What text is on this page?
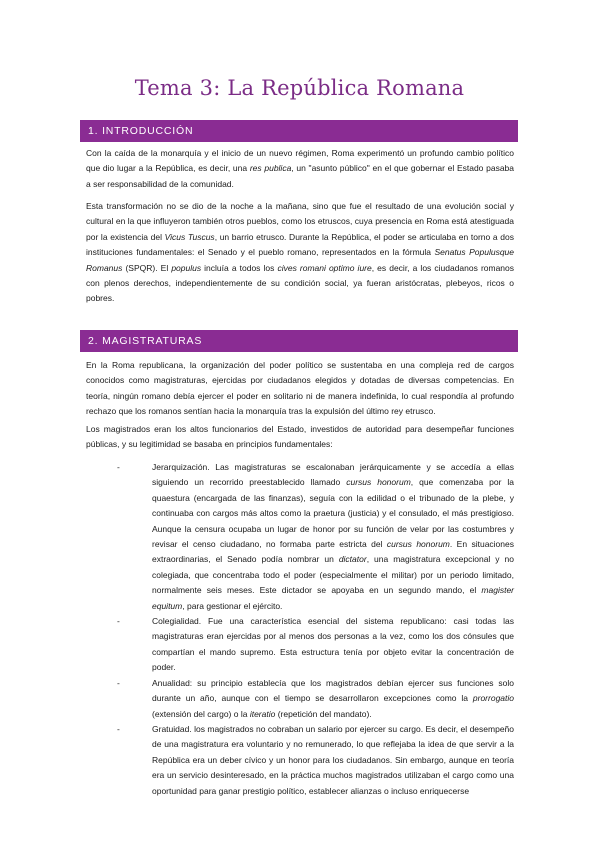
Tema 3: La República Romana
1. INTRODUCCIÓN

Con la caída de la monarquía y el inicio de un nuevo régimen, Roma experimentó un profundo cambio político que dio lugar a la República, es decir, una res publica, un "asunto público" en el que gobernar el Estado pasaba a ser responsabilidad de la comunidad.

Esta transformación no se dio de la noche a la mañana, sino que fue el resultado de una evolución social y cultural en la que influyeron también otros pueblos, como los etruscos, cuya presencia en Roma está atestiguada por la existencia del Vicus Tuscus, un barrio etrusco. Durante la República, el poder se articulaba en torno a dos instituciones fundamentales: el Senado y el pueblo romano, representados en la fórmula Senatus Populusque Romanus (SPQR). El populus incluía a todos los cives romani optimo iure, es decir, a los ciudadanos romanos con plenos derechos, independientemente de su condición social, ya fueran aristócratas, plebeyos, ricos o pobres.

2. MAGISTRATURAS

En la Roma republicana, la organización del poder político se sustentaba en una compleja red de cargos conocidos como magistraturas, ejercidas por ciudadanos elegidos y dotadas de diversas competencias. En teoría, ningún romano debía ejercer el poder en solitario ni de manera indefinida, lo cual respondía al profundo rechazo que los romanos sentían hacia la monarquía tras la expulsión del último rey etrusco.

Los magistrados eran los altos funcionarios del Estado, investidos de autoridad para desempeñar funciones públicas, y su legitimidad se basaba en principios fundamentales:

-	Jerarquización. Las magistraturas se escalonaban jerárquicamente y se accedía a ellas siguiendo un recorrido preestablecido llamado cursus honorum, que comenzaba por la quaestura (encargada de las finanzas), seguía con la edilidad o el tribunado de la plebe, y continuaba con cargos más altos como la praetura (justicia) y el consulado, el más prestigioso. Aunque la censura ocupaba un lugar de honor por su función de velar por las costumbres y revisar el censo ciudadano, no formaba parte estricta del cursus honorum. En situaciones extraordinarias, el Senado podía nombrar un dictator, una magistratura excepcional y no colegiada, que concentraba todo el poder (especialmente el militar) por un periodo limitado, normalmente seis meses. Este dictador se apoyaba en un segundo mando, el magister equitum, para gestionar el ejército.
-	Colegialidad. Fue una característica esencial del sistema republicano: casi todas las magistraturas eran ejercidas por al menos dos personas a la vez, como los dos cónsules que compartían el mando supremo. Esta estructura tenía por objeto evitar la concentración de poder.
-	Anualidad: su principio establecía que los magistrados debían ejercer sus funciones solo durante un año, aunque con el tiempo se desarrollaron excepciones como la prorrogatio (extensión del cargo) o la iteratio (repetición del mandato).
-	Gratuidad. los magistrados no cobraban un salario por ejercer su cargo. Es decir, el desempeño de una magistratura era voluntario y no remunerado, lo que reflejaba la idea de que servir a la República era un deber cívico y un honor para los ciudadanos. Sin embargo, aunque en teoría era un servicio desinteresado, en la práctica muchos magistrados utilizaban el cargo como una oportunidad para ganar prestigio político, establecer alianzas o incluso enriquecerse
